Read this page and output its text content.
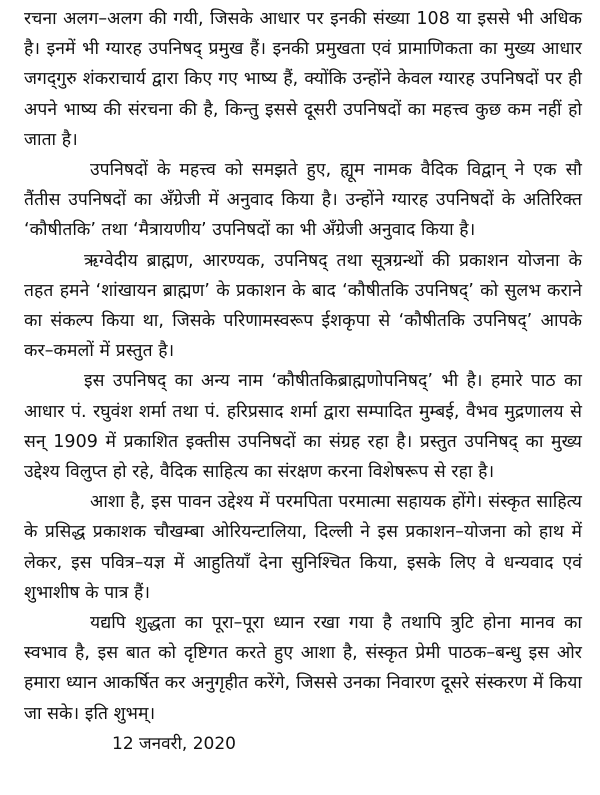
रचना अलग–अलग की गयी, जिसके आधार पर इनकी संख्या 108 या इससे भी अधिक है। इनमें भी ग्यारह उपनिषद् प्रमुख हैं। इनकी प्रमुखता एवं प्रामाणिकता का मुख्य आधार जगद्‌गुरु शंकराचार्य द्वारा किए गए भाष्य हैं, क्योंकि उन्होंने केवल ग्यारह उपनिषदों पर ही अपने भाष्य की संरचना की है, किन्तु इससे दूसरी उपनिषदों का महत्त्व कुछ कम नहीं हो जाता है।

उपनिषदों के महत्त्व को समझते हुए, ह्यूम नामक वैदिक विद्वान् ने एक सौ तैंतीस उपनिषदों का अँग्रेजी में अनुवाद किया है। उन्होंने ग्यारह उपनिषदों के अतिरिक्त ‘कौषीतकि’ तथा ‘मैत्रायणीय’ उपनिषदों का भी अँग्रेजी अनुवाद किया है।

ऋग्वेदीय ब्राह्मण, आरण्यक, उपनिषद् तथा सूत्रग्रन्थों की प्रकाशन योजना के तहत हमने ‘शांखायन ब्राह्मण’ के प्रकाशन के बाद ‘कौषीतकि उपनिषद्’ को सुलभ कराने का संकल्प किया था, जिसके परिणामस्वरूप ईशकृपा से ‘कौषीतकि उपनिषद्’ आपके कर–कमलों में प्रस्तुत है।

इस उपनिषद् का अन्य नाम ‘कौषीतकिब्राह्मणोपनिषद्’ भी है। हमारे पाठ का आधार पं. रघुवंश शर्मा तथा पं. हरिप्रसाद शर्मा द्वारा सम्पादित मुम्बई, वैभव मुद्रणालय से सन् 1909 में प्रकाशित इक्तीस उपनिषदों का संग्रह रहा है। प्रस्तुत उपनिषद् का मुख्य उद्देश्य विलुप्त हो रहे, वैदिक साहित्य का संरक्षण करना विशेषरूप से रहा है।

आशा है, इस पावन उद्देश्य में परमपिता परमात्मा सहायक होंगे। संस्कृत साहित्य के प्रसिद्ध प्रकाशक चौखम्बा ओरियन्टालिया, दिल्ली ने इस प्रकाशन–योजना को हाथ में लेकर, इस पवित्र–यज्ञ में आहुतियाँ देना सुनिश्चित किया, इसके लिए वे धन्यवाद एवं शुभाशीष के पात्र हैं।

यद्यपि शुद्धता का पूरा–पूरा ध्यान रखा गया है तथापि त्रुटि होना मानव का स्वभाव है, इस बात को दृष्टिगत करते हुए आशा है, संस्कृत प्रेमी पाठक–बन्धु इस ओर हमारा ध्यान आकर्षित कर अनुगृहीत करेंगे, जिससे उनका निवारण दूसरे संस्करण में किया जा सके। इति शुभम्।

12 जनवरी, 2020
